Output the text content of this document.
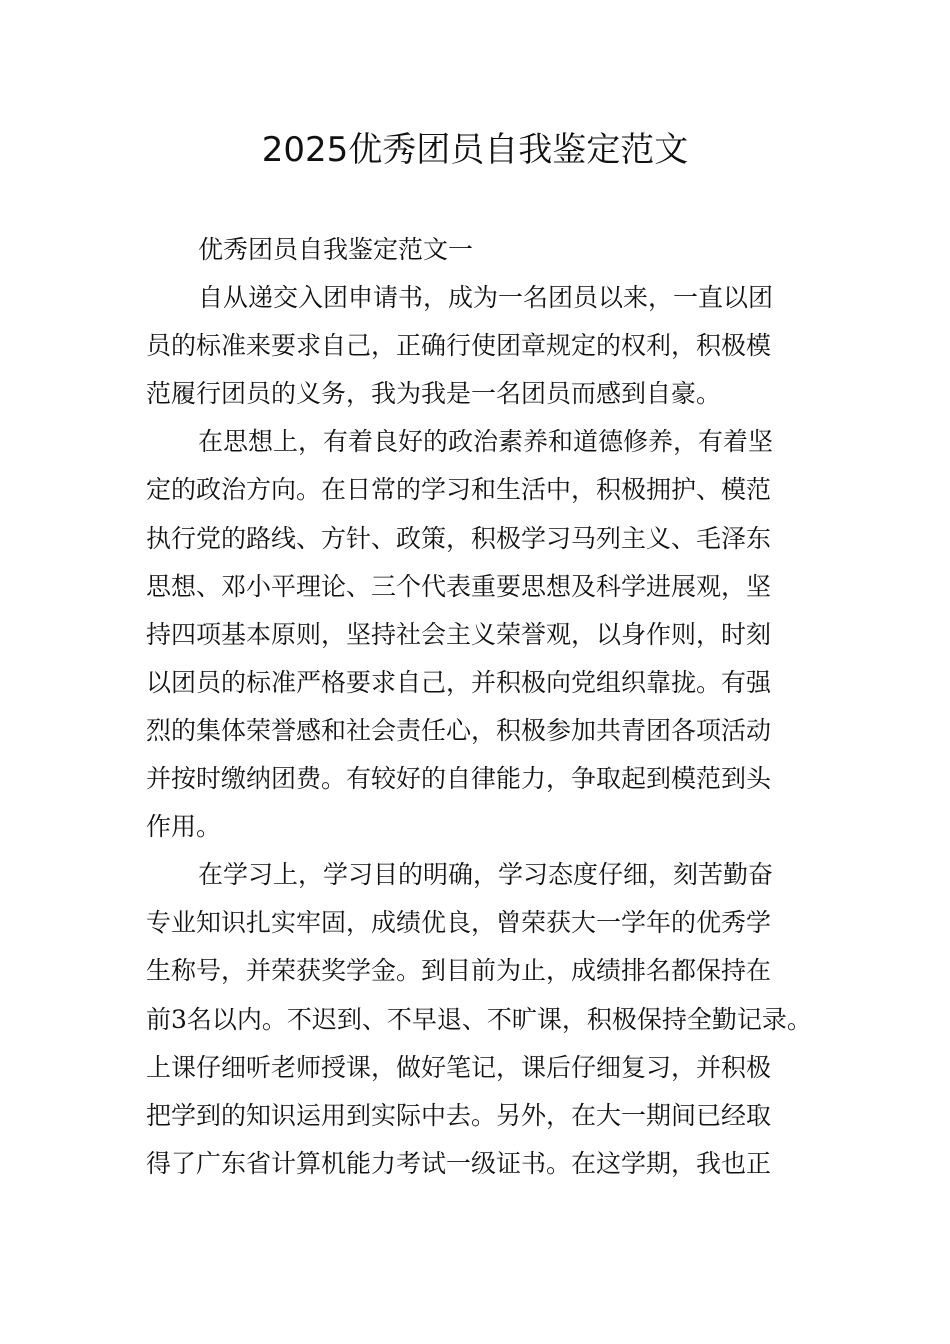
2025优秀团员自我鉴定范文
优秀团员自我鉴定范文一
自从递交入团申请书，成为一名团员以来，一直以团
员的标准来要求自己，正确行使团章规定的权利，积极模
范履行团员的义务，我为我是一名团员而感到自豪。
在思想上，有着良好的政治素养和道德修养，有着坚
定的政治方向。在日常的学习和生活中，积极拥护、模范
执行党的路线、方针、政策，积极学习马列主义、毛泽东
思想、邓小平理论、三个代表重要思想及科学进展观，坚
持四项基本原则，坚持社会主义荣誉观，以身作则，时刻
以团员的标准严格要求自己，并积极向党组织靠拢。有强
烈的集体荣誉感和社会责任心，积极参加共青团各项活动
并按时缴纳团费。有较好的自律能力，争取起到模范到头
作用。
在学习上，学习目的明确，学习态度仔细，刻苦勤奋
专业知识扎实牢固，成绩优良，曾荣获大一学年的优秀学
生称号，并荣获奖学金。到目前为止，成绩排名都保持在
前3名以内。不迟到、不早退、不旷课，积极保持全勤记录。
上课仔细听老师授课，做好笔记，课后仔细复习，并积极
把学到的知识运用到实际中去。另外，在大一期间已经取
得了广东省计算机能力考试一级证书。在这学期，我也正
